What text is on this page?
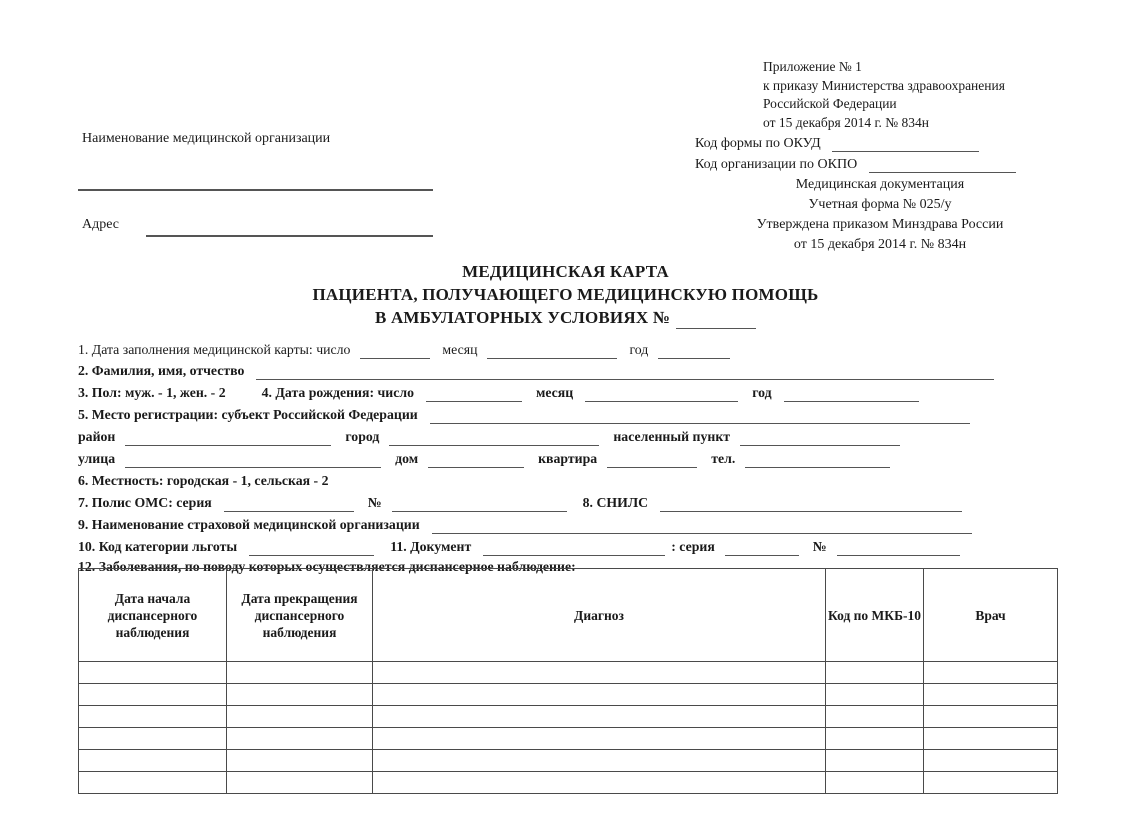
Приложение № 1
к приказу Министерства здравоохранения
Российской Федерации
от 15 декабря 2014 г. № 834н
Наименование медицинской организации
Адрес
Код формы по ОКУД
Код организации по ОКПО
Медицинская документация
Учетная форма № 025/у
Утверждена приказом Минздрава России
от 15 декабря 2014 г. № 834н
МЕДИЦИНСКАЯ КАРТА
ПАЦИЕНТА, ПОЛУЧАЮЩЕГО МЕДИЦИНСКУЮ ПОМОЩЬ
В АМБУЛАТОРНЫХ УСЛОВИЯХ №
1. Дата заполнения медицинской карты: число	месяц	год
2. Фамилия, имя, отчество
3. Пол: муж. - 1, жен. - 2	4. Дата рождения: число	месяц	год
5. Место регистрации: субъект Российской Федерации
район	город	населенный пункт
улица	дом	квартира	тел.
6. Местность: городская - 1, сельская - 2
7. Полис ОМС: серия	№	8. СНИЛС
9. Наименование страховой медицинской организации
10. Код категории льготы	11. Документ	: серия	№
12. Заболевания, по поводу которых осуществляется диспансерное наблюдение:
Дата начала диспансерного наблюдения	Дата прекращения диспансерного наблюдения	Диагноз	Код по МКБ-10	Врач
